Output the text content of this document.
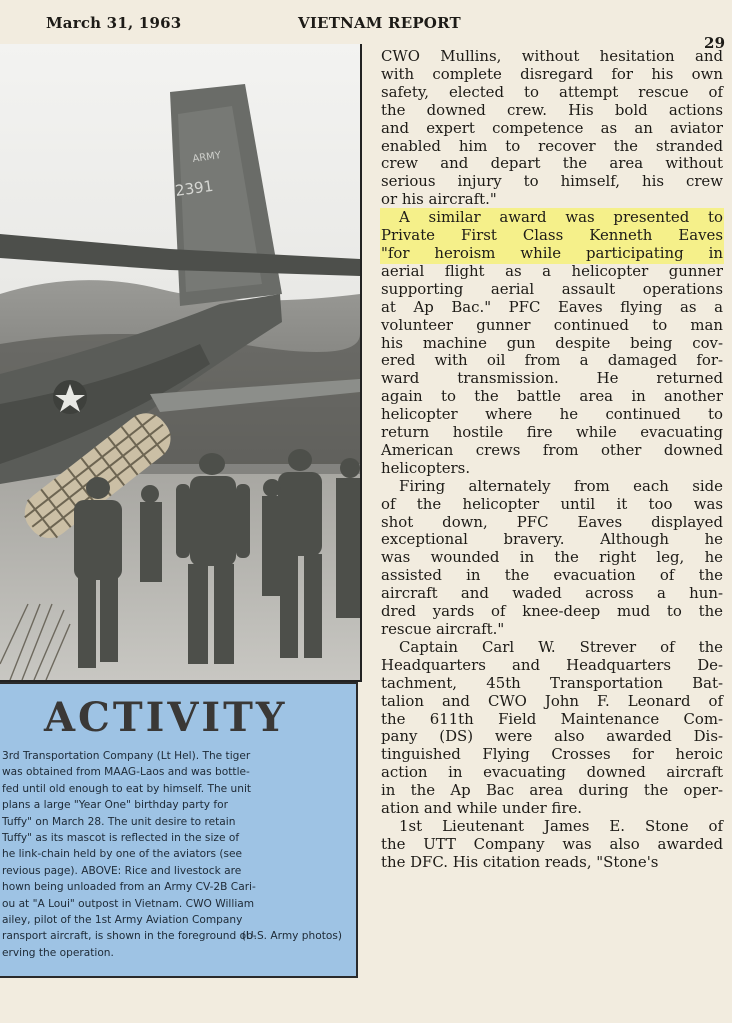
March 31, 1963	VIETNAM REPORT
29
ARMY
2391
ACTIVITY
3rd Transportation Company (Lt Hel). The tiger
was obtained from MAAG-Laos and was bottle-
fed until old enough to eat by himself. The unit
plans a large "Year One" birthday party for
Tuffy" on March 28. The unit desire to retain
Tuffy" as its mascot is reflected in the size of
he link-chain held by one of the aviators (see
revious page). ABOVE: Rice and livestock are
hown being unloaded from an Army CV-2B Cari-
ou at "A Loui" outpost in Vietnam. CWO William
ailey, pilot of the 1st Army Aviation Company
ransport aircraft, is shown in the foreground ob-
erving the operation.
(U.S. Army photos)
CWO Mullins, without hesitation and
with complete disregard for his own
safety, elected to attempt rescue of
the downed crew. His bold actions
and expert competence as an aviator
enabled him to recover the stranded
crew and depart the area without
serious injury to himself, his crew
or his aircraft."
A similar award was presented to
Private First Class Kenneth Eaves
"for heroism while participating in
aerial flight as a helicopter gunner
supporting aerial assault operations
at Ap Bac." PFC Eaves flying as a
volunteer gunner continued to man
his machine gun despite being cov-
ered with oil from a damaged for-
ward transmission. He returned
again to the battle area in another
helicopter where he continued to
return hostile fire while evacuating
American crews from other downed
helicopters.
Firing alternately from each side
of the helicopter until it too was
shot down, PFC Eaves displayed
exceptional bravery. Although he
was wounded in the right leg, he
assisted in the evacuation of the
aircraft and waded across a hun-
dred yards of knee-deep mud to the
rescue aircraft."
Captain Carl W. Strever of the
Headquarters and Headquarters De-
tachment, 45th Transportation Bat-
talion and CWO John F. Leonard of
the 611th Field Maintenance Com-
pany (DS) were also awarded Dis-
tinguished Flying Crosses for heroic
action in evacuating downed aircraft
in the Ap Bac area during the oper-
ation and while under fire.
1st Lieutenant James E. Stone of
the UTT Company was also awarded
the DFC. His citation reads, "Stone's
